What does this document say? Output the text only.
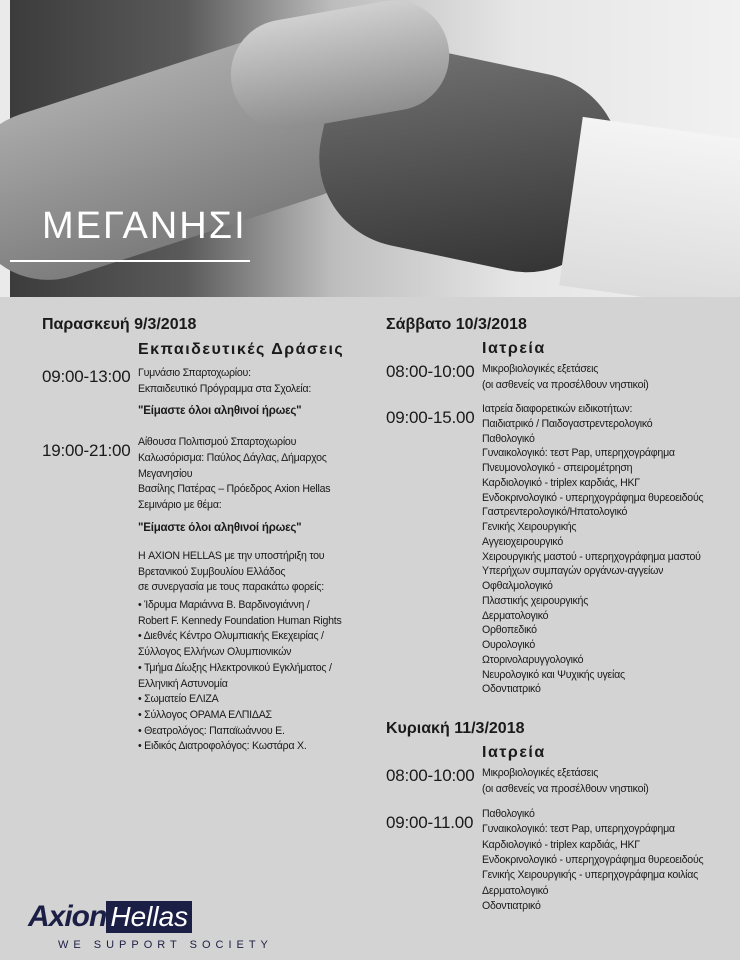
ΜΕΓΑΝΗΣΙ
Παρασκευή 9/3/2018
Εκπαιδευτικές Δράσεις
09:00-13:00 Γυμνάσιο Σπαρτοχωρίου:
Εκπαιδευτικό Πρόγραμμα στα Σχολεία:
"Είμαστε όλοι αληθινοί ήρωες"
19:00-21:00 Αίθουσα Πολιτισμού Σπαρτοχωρίου
Καλωσόρισμα: Παύλος Δάγλας, Δήμαρχος
Μεγανησίου
Βασίλης Πατέρας – Πρόεδρος Axion Hellas
Σεμινάριο με θέμα:
"Είμαστε όλοι αληθινοί ήρωες"
Η AXION HELLAS με την υποστήριξη του
Βρετανικού Συμβουλίου Ελλάδος
σε συνεργασία με τους παρακάτω φορείς:
• Ίδρυμα Μαριάννα Β. Βαρδινογιάννη /
Robert F. Kennedy Foundation Human Rights
• Διεθνές Κέντρο Ολυμπιακής Εκεχειρίας /
Σύλλογος Ελλήνων Ολυμπιονικών
• Τμήμα Δίωξης Ηλεκτρονικού Εγκλήματος /
Ελληνική Αστυνομία
• Σωματείο ΕΛΙΖΑ
• Σύλλογος ΟΡΑΜΑ ΕΛΠΙΔΑΣ
• Θεατρολόγος: Παπαϊωάννου Ε.
• Ειδικός Διατροφολόγος: Κωστάρα Χ.
Σάββατο 10/3/2018
Ιατρεία
08:00-10:00 Μικροβιολογικές εξετάσεις
(οι ασθενείς να προσέλθουν νηστικοί)
09:00-15.00 Ιατρεία διαφορετικών ειδικοτήτων:
Παιδιατρικό / Παιδογαστρεντερολογικό
Παθολογικό
Γυναικολογικό: τεστ Pap, υπερηχογράφημα
Πνευμονολογικό - σπειρομέτρηση
Καρδιολογικό - triplex καρδιάς, ΗΚΓ
Ενδοκρινολογικό - υπερηχογράφημα θυρεοειδούς
Γαστρεντερολογικό/Ηπατολογικό
Γενικής Χειρουργικής
Αγγειοχειρουργικό
Χειρουργικής μαστού - υπερηχογράφημα μαστού
Υπερήχων συμπαγών οργάνων-αγγείων
Οφθαλμολογικό
Πλαστικής χειρουργικής
Δερματολογικό
Ορθοπεδικό
Ουρολογικό
Ωτορινολαρυγγολογικό
Νευρολογικό και Ψυχικής υγείας
Οδοντιατρικό
Κυριακή 11/3/2018
Ιατρεία
08:00-10:00 Μικροβιολογικές εξετάσεις
(οι ασθενείς να προσέλθουν νηστικοί)
09:00-11.00 Παθολογικό
Γυναικολογικό: τεστ Pap, υπερηχογράφημα
Καρδιολογικό - triplex καρδιάς, ΗΚΓ
Ενδοκρινολογικό - υπερηχογράφημα θυρεοειδούς
Γενικής Χειρουργικής - υπερηχογράφημα κοιλίας
Δερματολογικό
Οδοντιατρικό
Axion Hellas
WE SUPPORT SOCIETY
